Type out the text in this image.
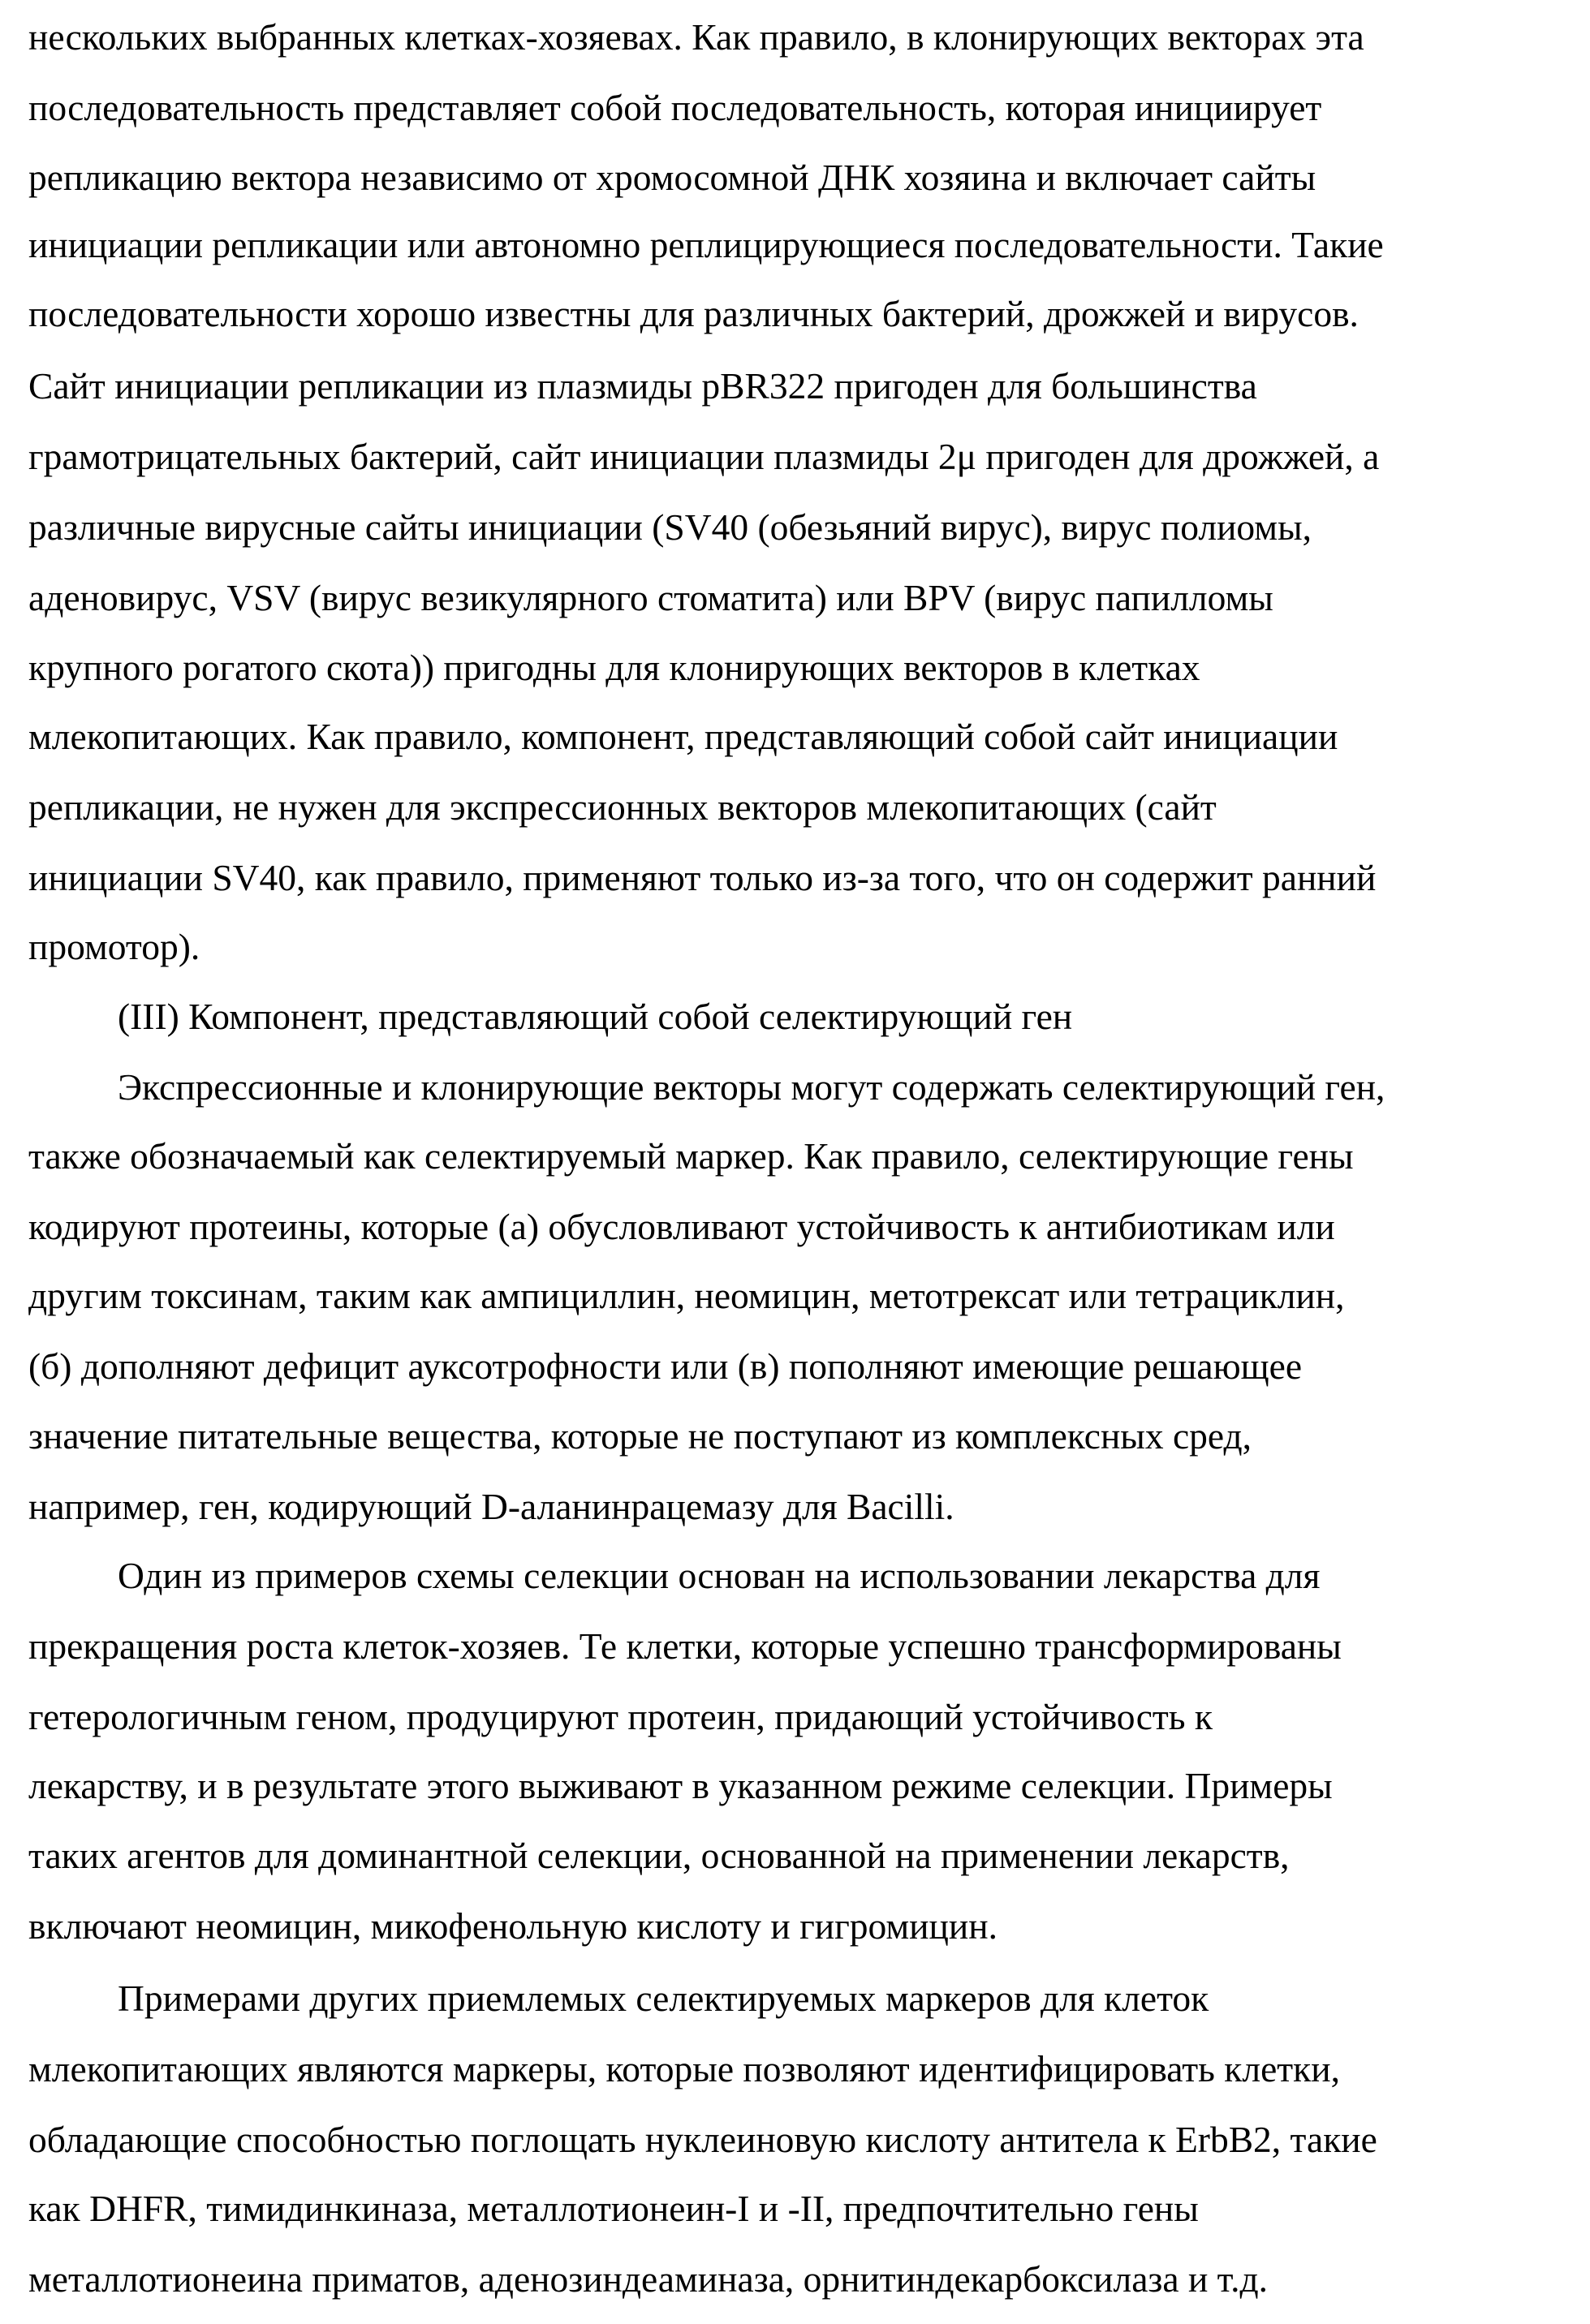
нескольких выбранных клетках-хозяевах. Как правило, в клонирующих векторах эта
последовательность представляет собой последовательность, которая инициирует
репликацию вектора независимо от хромосомной ДНК хозяина и включает сайты
инициации репликации или автономно реплицирующиеся последовательности. Такие
последовательности хорошо известны для различных бактерий, дрожжей и вирусов.
Сайт инициации репликации из плазмиды pBR322 пригоден для большинства
грамотрицательных бактерий, сайт инициации плазмиды 2μ пригоден для дрожжей, а
различные вирусные сайты инициации (SV40 (обезьяний вирус), вирус полиомы,
аденовирус, VSV (вирус везикулярного стоматита) или BPV (вирус папилломы
крупного рогатого скота)) пригодны для клонирующих векторов в клетках
млекопитающих. Как правило, компонент, представляющий собой сайт инициации
репликации, не нужен для экспрессионных векторов млекопитающих (сайт
инициации SV40, как правило, применяют только из-за того, что он содержит ранний
промотор).
(III) Компонент, представляющий собой селектирующий ген
Экспрессионные и клонирующие векторы могут содержать селектирующий ген,
также обозначаемый как селектируемый маркер. Как правило, селектирующие гены
кодируют протеины, которые (а) обусловливают устойчивость к антибиотикам или
другим токсинам, таким как ампициллин, неомицин, метотрексат или тетрациклин,
(б) дополняют дефицит ауксотрофности или (в) пополняют имеющие решающее
значение питательные вещества, которые не поступают из комплексных сред,
например, ген, кодирующий D-аланинрацемазу для Bacilli.
Один из примеров схемы селекции основан на использовании лекарства для
прекращения роста клеток-хозяев. Те клетки, которые успешно трансформированы
гетерологичным геном, продуцируют протеин, придающий устойчивость к
лекарству, и в результате этого выживают в указанном режиме селекции. Примеры
таких агентов для доминантной селекции, основанной на применении лекарств,
включают неомицин, микофенольную кислоту и гигромицин.
Примерами других приемлемых селектируемых маркеров для клеток
млекопитающих являются маркеры, которые позволяют идентифицировать клетки,
обладающие способностью поглощать нуклеиновую кислоту антитела к ErbB2, такие
как DHFR, тимидинкиназа, металлотионеин-I и -II, предпочтительно гены
металлотионеина приматов, аденозиндеаминаза, орнитиндекарбоксилаза и т.д.
